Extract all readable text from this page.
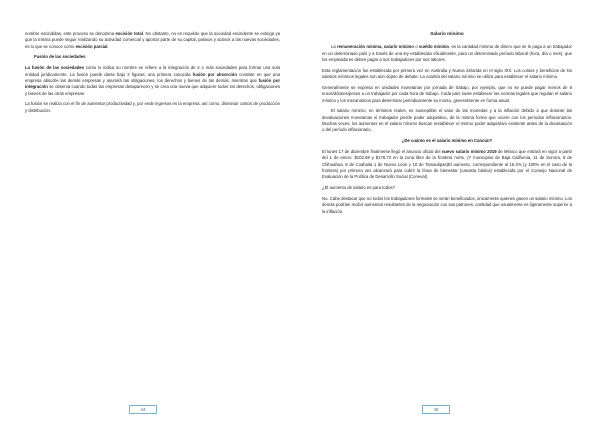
nombre escindidas, este proceso se denomina escisión total. No obstante, no es requisito que la sociedad escindente se extinga ya que la misma puede seguir realizando su actividad comercial y aportar parte de su capital, pasivos y activos a las nuevas sociedades, es lo que se conoce como escisión parcial.

Fusión de las sociedades

La fusión de las sociedades como lo indica su nombre se refiere a la integración de 2 o más sociedades para formar una sola entidad jurídicamente. La fusión puede darse bajo 2 figuras; una primera conocida fusión por absorción consiste en que una empresa absorbe las demás empresas y asumirá las obligaciones, los derechos y bienes de las demás, mientras que fusión por integración se observa cuando todas las empresas desaparecen y se crea una nueva que adquiere todos los derechos, obligaciones y bienes de las otras empresas.

La fusión se realiza con el fin de aumentar productividad y, por ende ingresos en la empresa, así como, disminuir costos de producción y distribución.

44

Salario mínimo

La remuneración mínima, salario mínimo o sueldo mínimo, es la cantidad mínima de dinero que se le paga a un trabajador en un determinado país y a través de una ley establecida oficialmente, para un determinado período laboral (hora, día o mes), que los empleadores deben pagar a sus trabajadores por sus labores.

Esta reglamentación fue establecida por primera vez en Australia y Nueva Zelanda en el siglo XIX. Los costos y beneficios de los salarios mínimos legales son aún objeto de debate. La cuantía del salario mínimo se utiliza para establecer el salario mínimo.

Generalmente se expresa en unidades monetarias por jornada de trabajo, por ejemplo, que no se puede pagar menos de 6 euros/dólares/pesos a un trabajador por cada hora de trabajo. Cada país suele establecer las normas legales que regulan el salario mínimo y los mecanismos para determinar periódicamente su monto, generalmente en forma anual.

El salario mínimo, en términos reales, es susceptible el valor de las monedas y a la inflación debido a que durante las devaluaciones monetarias el trabajador pierde poder adquisitivo, de la misma forma que ocurre con los períodos inflacionarios. Muchas veces, los aumentos en el salario mínimo buscan restablecer el mismo poder adquisitivo existente antes de la devaluación o del período inflacionario.

¿De cuánto es el salario mínimo en Cancún?

El lunes 17 de diciembre finalmente llegó el anuncio oficial del nuevo salario mínimo 2019 de México que entrará en vigor a partir del 1 de enero: $102.68 y $176.72 en la zona libre de la frontera norte. (Y municipios de Baja California, 11 de Sonora, 8 de Chihuahua, 8 de Coahuila 1 de Nuevo León y 10 de Tamaulipas)El aumento, correspondiente al 16.2% (y 100% en el caso de la frontera) por primera vez alcanzará para cubrir la línea de bienestar (canasta básica) establecida por el Consejo Nacional de Evaluación de la Política de Desarrollo Social (Coneval).

¿El aumento de salario es para todos?

No. Cabe destacar que no todos los trabajadores formales se verán beneficiados, únicamente quienes ganen un salario mínimo. Los demás podrían recibir aumentos resultantes de la negociación con sus patrones, cantidad que usualmente es ligeramente superior a la inflación.

45
